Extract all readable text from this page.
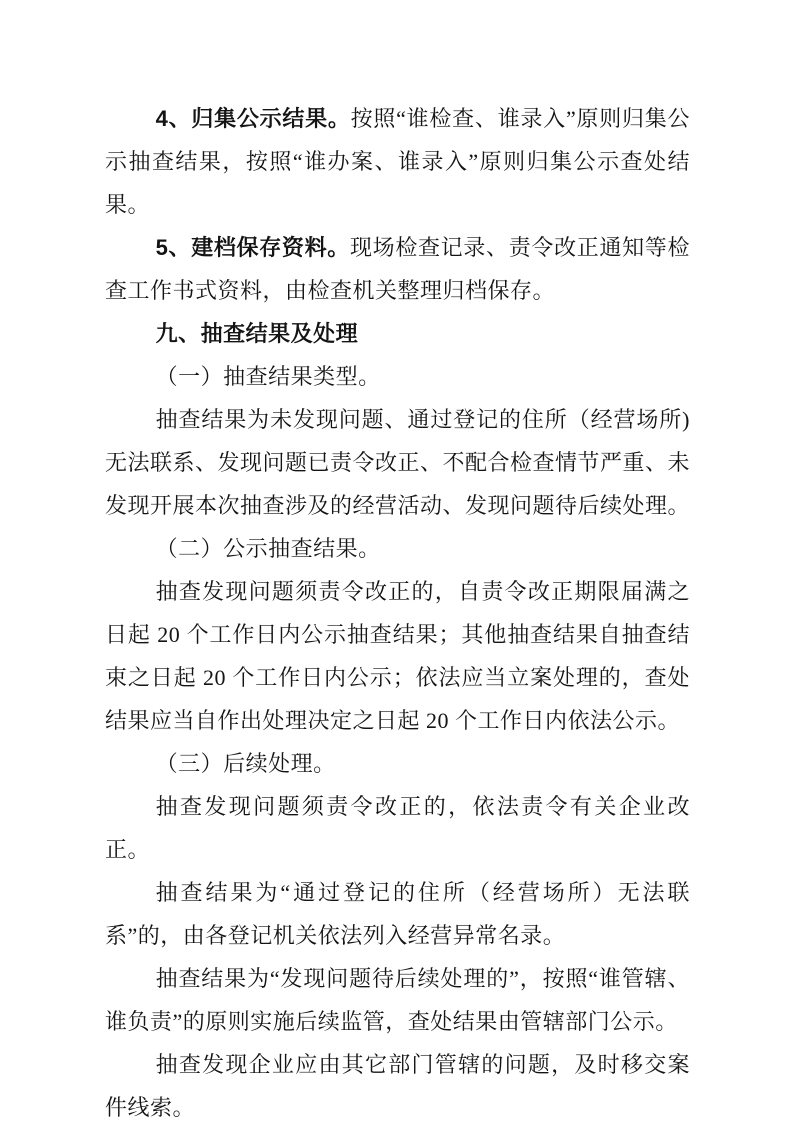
4、归集公示结果。按照“谁检查、谁录入”原则归集公示抽查结果，按照“谁办案、谁录入”原则归集公示查处结果。

5、建档保存资料。现场检查记录、责令改正通知等检查工作书式资料，由检查机关整理归档保存。

九、抽查结果及处理

（一）抽查结果类型。

抽查结果为未发现问题、通过登记的住所（经营场所)无法联系、发现问题已责令改正、不配合检查情节严重、未发现开展本次抽查涉及的经营活动、发现问题待后续处理。

（二）公示抽查结果。

抽查发现问题须责令改正的，自责令改正期限届满之日起 20 个工作日内公示抽查结果；其他抽查结果自抽查结束之日起 20 个工作日内公示；依法应当立案处理的，查处结果应当自作出处理决定之日起 20 个工作日内依法公示。

（三）后续处理。

抽查发现问题须责令改正的，依法责令有关企业改正。

抽查结果为“通过登记的住所（经营场所）无法联系”的，由各登记机关依法列入经营异常名录。

抽查结果为“发现问题待后续处理的”，按照“谁管辖、谁负责”的原则实施后续监管，查处结果由管辖部门公示。

抽查发现企业应由其它部门管辖的问题，及时移交案件线索。
